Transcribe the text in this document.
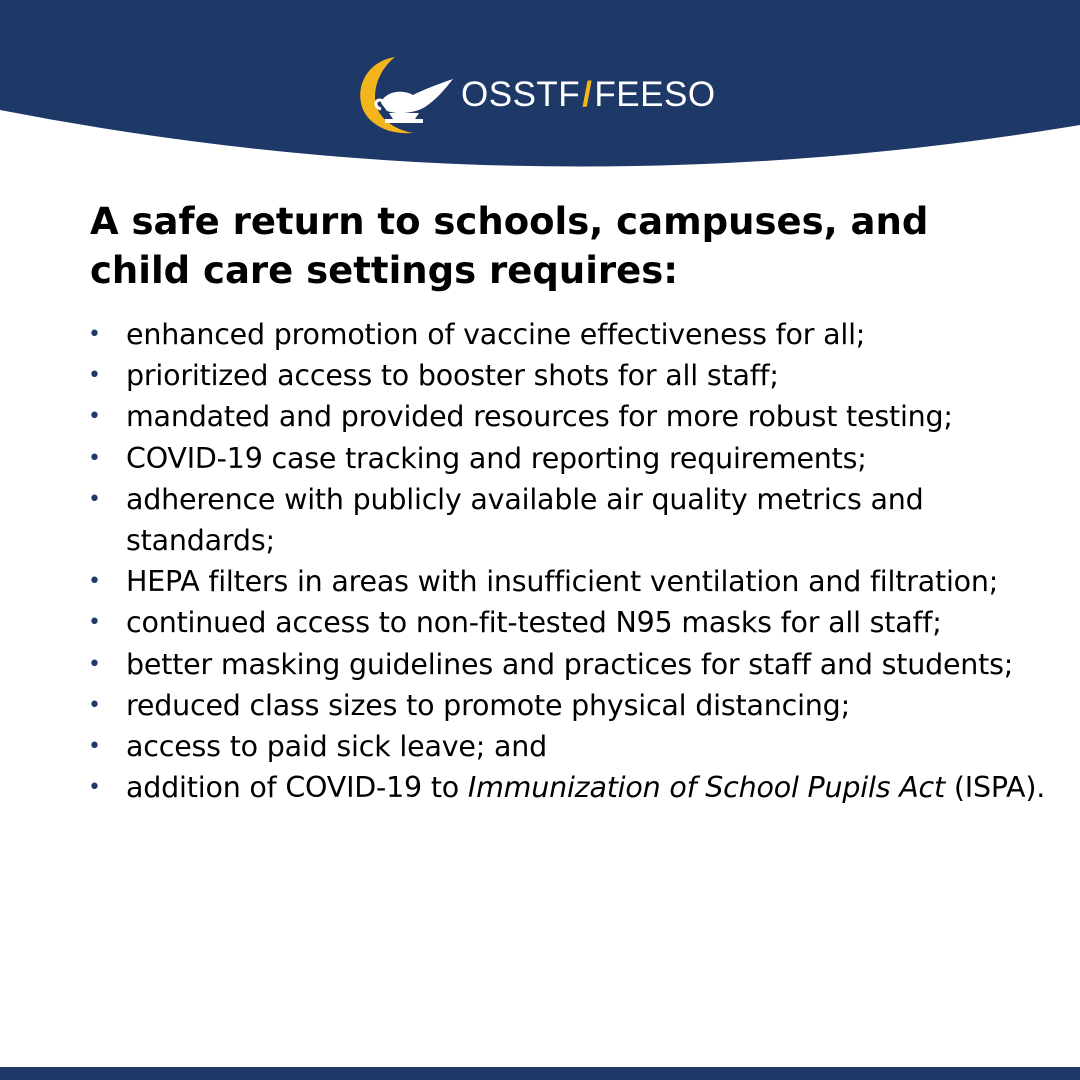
OSSTF / FEESO
A safe return to schools, campuses, and child care settings requires:
• enhanced promotion of vaccine effectiveness for all;
• prioritized access to booster shots for all staff;
• mandated and provided resources for more robust testing;
• COVID-19 case tracking and reporting requirements;
• adherence with publicly available air quality metrics and standards;
• HEPA filters in areas with insufficient ventilation and filtration;
• continued access to non-fit-tested N95 masks for all staff;
• better masking guidelines and practices for staff and students;
• reduced class sizes to promote physical distancing;
• access to paid sick leave; and
• addition of COVID-19 to Immunization of School Pupils Act (ISPA).
